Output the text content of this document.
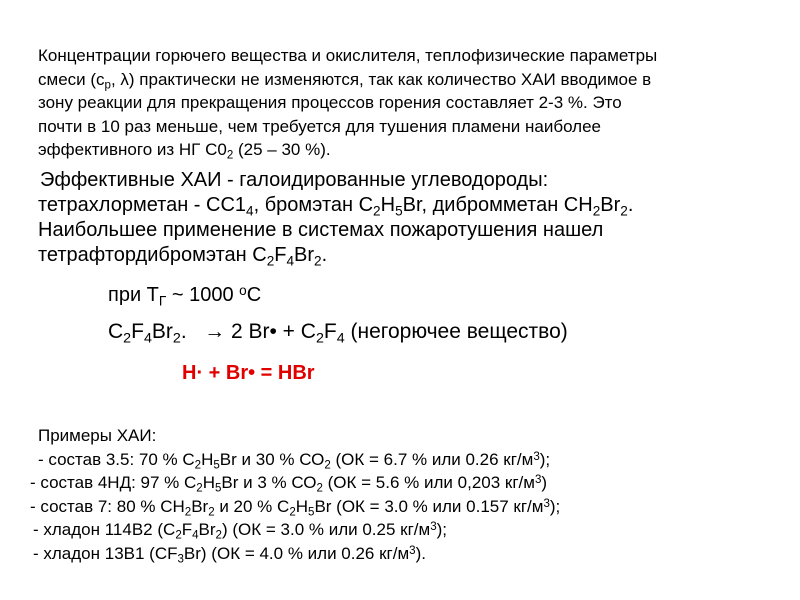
Концентрации горючего вещества и окислителя, теплофизические параметры
смеси ($с_р$, λ) практически не изменяются, так как количество ХАИ вводимое в
зону реакции для прекращения процессов горения составляет 2-3 %. Это
почти в 10 раз меньше, чем требуется для тушения пламени наиболее
эффективного из НГ $С0_2$ (25 – 30 %).
Эффективные ХАИ - галоидированные углеводороды:
тетрахлорметан - $СС1_4$, бромэтан $С_2Н_5Вr$, дибромметан $СН_2Вr_2$.
Наибольшее применение в системах пожаротушения нашел
тетрафтордибромэтан $С_2F_4Br_2$.
при $Т_Г$ ~ 1000 $^o$С
$С_2F_4Br_2$.   → 2 Br• + $С_2F_4$ (негорючее вещество)
Н· + Br• = HBr
Примеры ХАИ:
- состав 3.5: 70 % $С_2Н_5Br$ и 30 % $СО_2$ (ОК = 6.7 % или 0.26 $кг/м^3$);
- состав 4НД: 97 % $С_2Н_5Br$ и 3 % $СО_2$ (ОК = 5.6 % или 0,203 $кг/м^3$)
- состав 7: 80 % $СН_2Br_2$ и 20 % $С_2Н_5Br$ (ОК = 3.0 % или 0.157 $кг/м^3$);
- хладон 114В2 $(С_2F_4Br_2) (ОК = 3.0$ % или 0.25 $кг/м^3$);
- хладон 13В1 $(СF_3Br) (ОК = 4.0$ % или 0.26 $кг/м^3$).
